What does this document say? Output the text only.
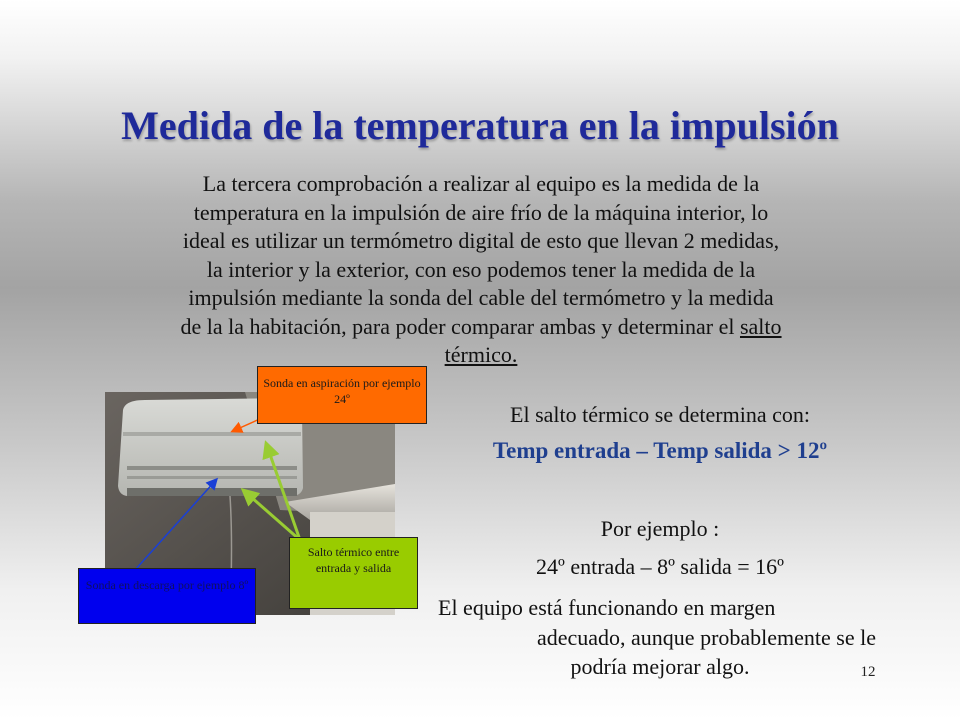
Medida de la temperatura en la impulsión

La tercera comprobación a realizar al equipo es la medida de la
temperatura en la impulsión de aire frío de la máquina interior, lo
ideal es utilizar un termómetro digital de esto que llevan 2 medidas,
la interior y la exterior, con eso podemos tener la medida de la
impulsión mediante la sonda del cable del termómetro y la medida
de la la habitación, para poder comparar ambas y determinar el salto
térmico.

Sonda en aspiración por ejemplo 24º
Salto térmico entre entrada y salida
Sonda en descarga por ejemplo 8º

El salto térmico se determina con:

Temp entrada – Temp salida > 12º

Por ejemplo :

24º entrada – 8º salida = 16º

El equipo está funcionando en margen
adecuado, aunque probablemente se le
podría mejorar algo.	12
